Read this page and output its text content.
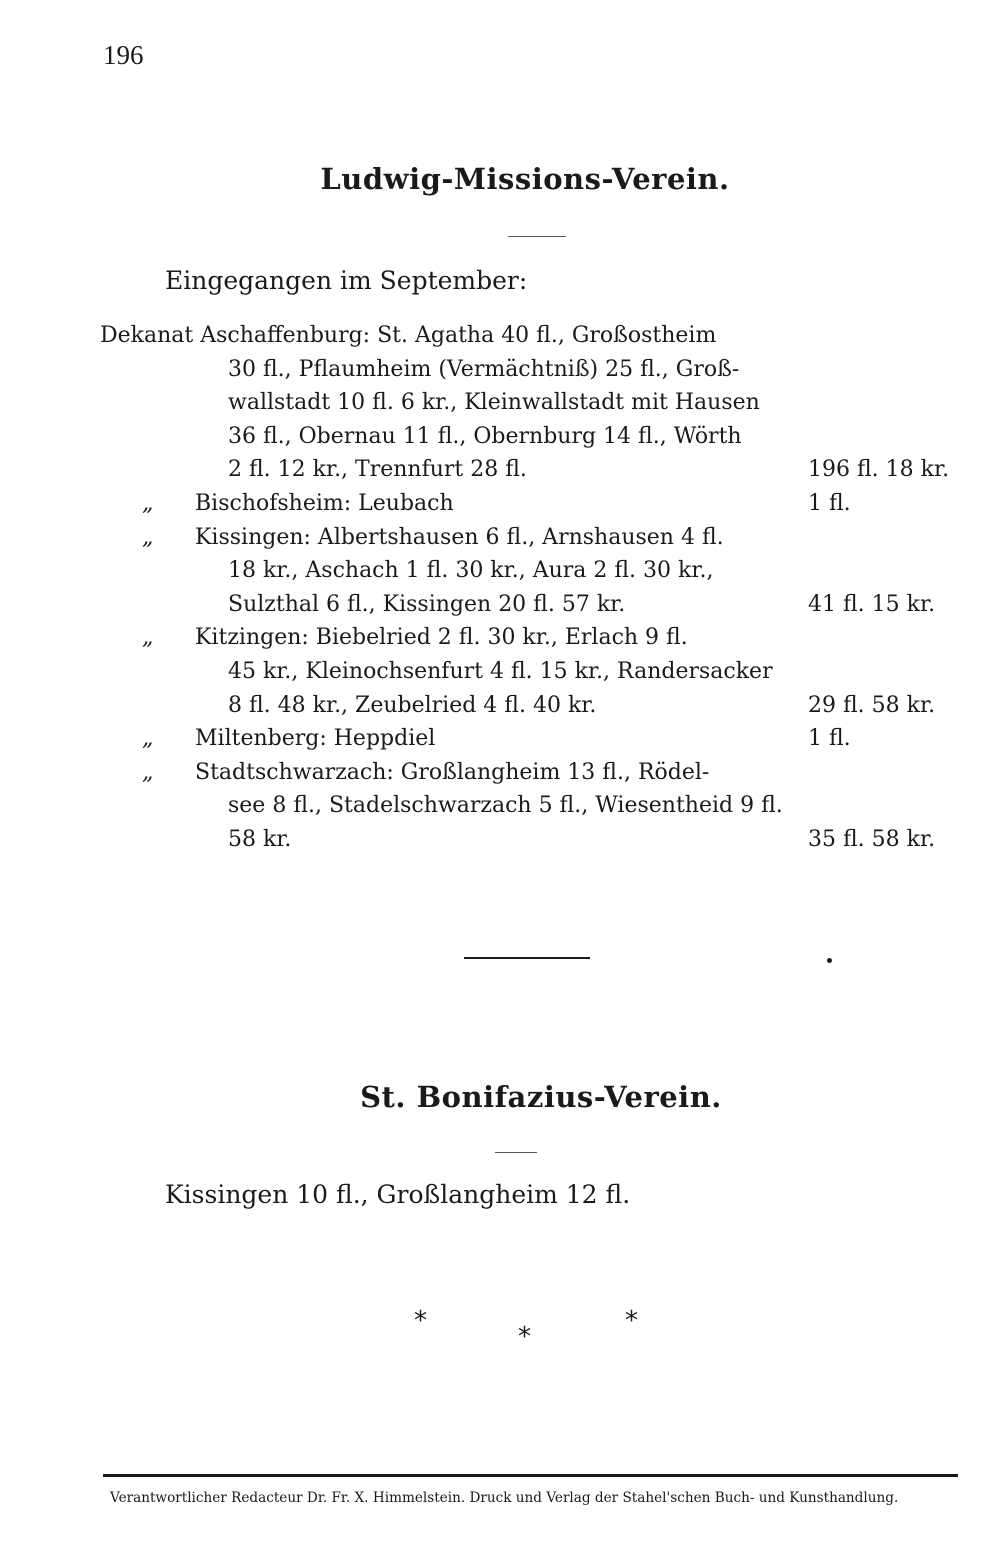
196
Ludwig-Missions-Verein.
Eingegangen im September:
Dekanat Aschaffenburg: St. Agatha 40 fl., Großostheim
30 fl., Pflaumheim (Vermächtniß) 25 fl., Groß-
wallstadt 10 fl. 6 kr., Kleinwallstadt mit Hausen
36 fl., Obernau 11 fl., Obernburg 14 fl., Wörth
2 fl. 12 kr., Trennfurt 28 fl.	196 fl. 18 kr.
„ Bischofsheim: Leubach	1 fl.
„ Kissingen: Albertshausen 6 fl., Arnshausen 4 fl.
18 kr., Aschach 1 fl. 30 kr., Aura 2 fl. 30 kr.,
Sulzthal 6 fl., Kissingen 20 fl. 57 kr.	41 fl. 15 kr.
„ Kitzingen: Biebelried 2 fl. 30 kr., Erlach 9 fl.
45 kr., Kleinochsenfurt 4 fl. 15 kr., Randersacker
8 fl. 48 kr., Zeubelried 4 fl. 40 kr.	29 fl. 58 kr.
„ Miltenberg: Heppdiel	1 fl.
„ Stadtschwarzach: Großlangheim 13 fl., Rödel-
see 8 fl., Stadelschwarzach 5 fl., Wiesentheid 9 fl.
58 kr.	35 fl. 58 kr.
St. Bonifazius-Verein.
Kissingen 10 fl., Großlangheim 12 fl.
*
*
*
Verantwortlicher Redacteur Dr. Fr. X. Himmelstein. Druck und Verlag der Stahel'schen Buch- und Kunsthandlung.
